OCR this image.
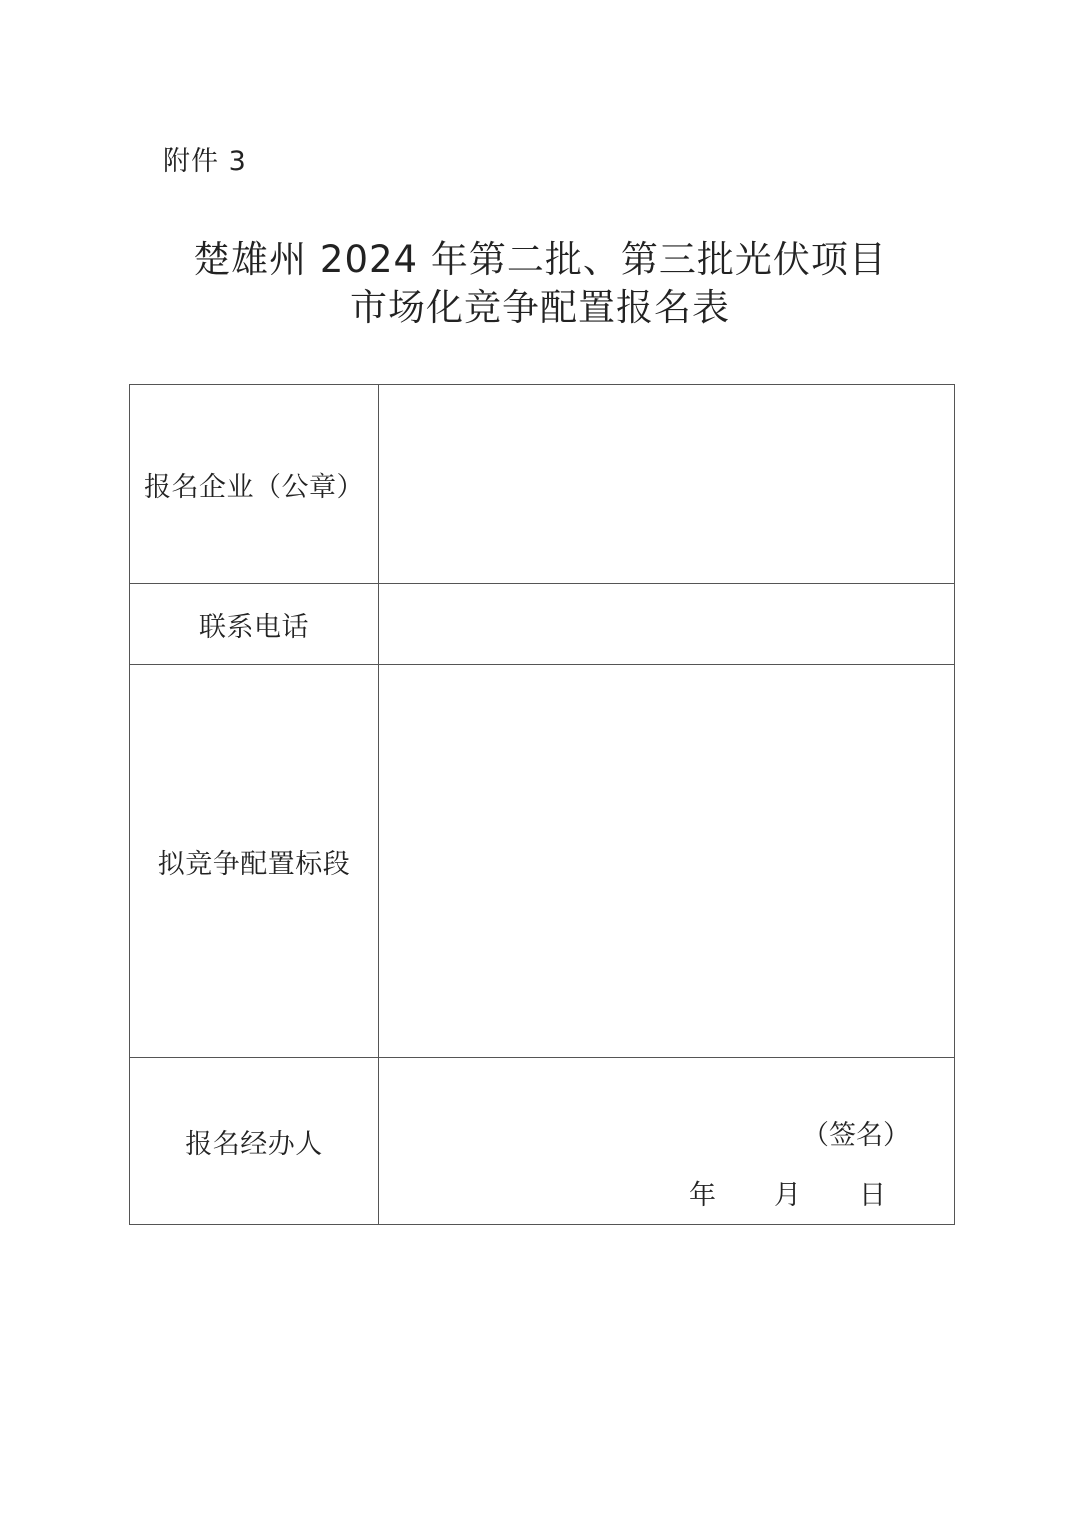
附件 3
楚雄州 2024 年第二批、第三批光伏项目
市场化竞争配置报名表
报名企业（公章）	
联系电话	
拟竞争配置标段	
报名经办人	（签名）
年 月 日
